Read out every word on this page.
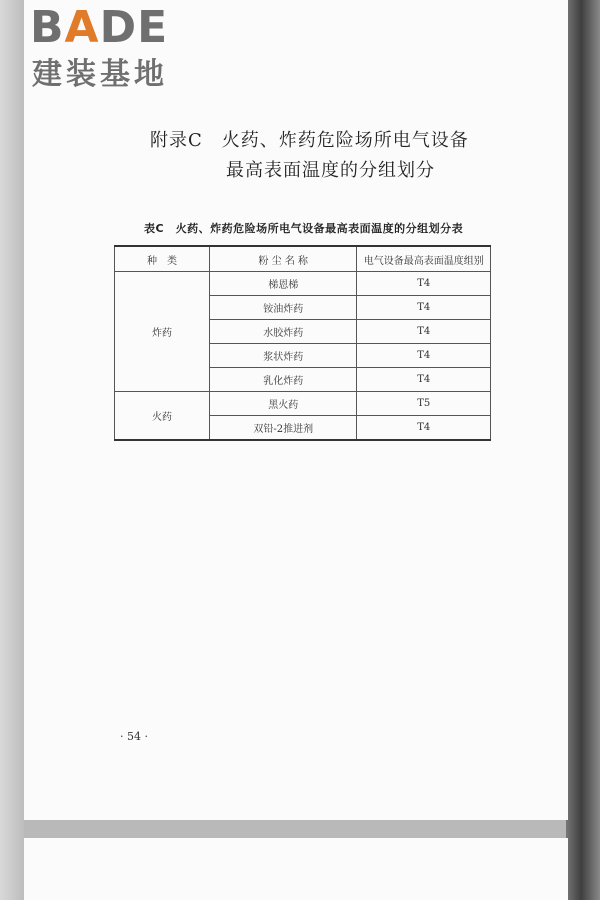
BADE
建装基地
附录C　火药、炸药危险场所电气设备
最高表面温度的分组划分
表C　火药、炸药危险场所电气设备最高表面温度的分组划分表
种　类	粉 尘 名 称	电气设备最高表面温度组别
炸药	梯恩梯	T4
	铵油炸药	T4
	水胶炸药	T4
	浆状炸药	T4
	乳化炸药	T4
火药	黑火药	T5
	双铅-2推进剂	T4
· 54 ·
